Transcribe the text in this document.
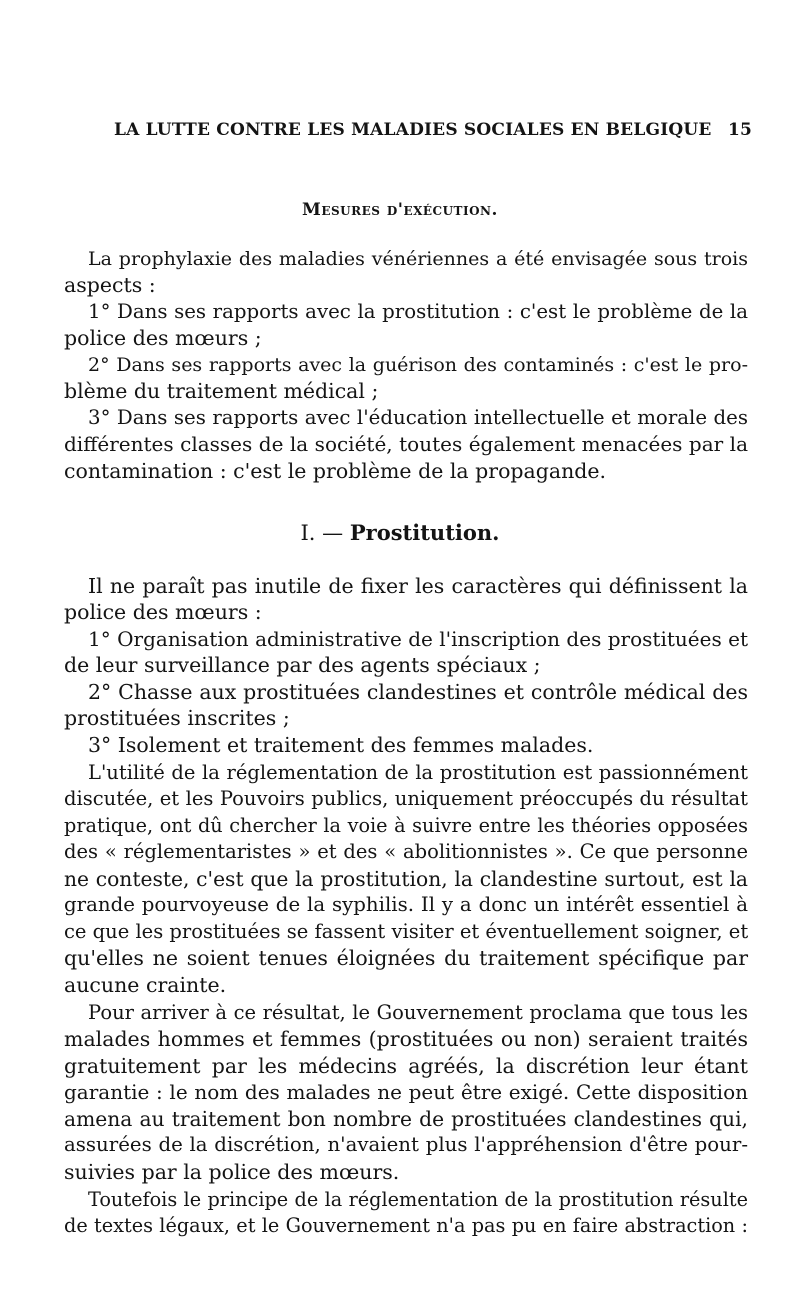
LA LUTTE CONTRE LES MALADIES SOCIALES EN BELGIQUE 15
Mesures d'exécution.
La prophylaxie des maladies vénériennes a été envisagée sous trois
aspects :
1° Dans ses rapports avec la prostitution : c'est le problème de la
police des mœurs ;
2° Dans ses rapports avec la guérison des contaminés : c'est le pro-
blème du traitement médical ;
3° Dans ses rapports avec l'éducation intellectuelle et morale des
différentes classes de la société, toutes également menacées par la
contamination : c'est le problème de la propagande.
I. — Prostitution.
Il ne paraît pas inutile de fixer les caractères qui définissent la
police des mœurs :
1° Organisation administrative de l'inscription des prostituées et
de leur surveillance par des agents spéciaux ;
2° Chasse aux prostituées clandestines et contrôle médical des
prostituées inscrites ;
3° Isolement et traitement des femmes malades.
L'utilité de la réglementation de la prostitution est passionnément
discutée, et les Pouvoirs publics, uniquement préoccupés du résultat
pratique, ont dû chercher la voie à suivre entre les théories opposées
des « réglementaristes » et des « abolitionnistes ». Ce que personne
ne conteste, c'est que la prostitution, la clandestine surtout, est la
grande pourvoyeuse de la syphilis. Il y a donc un intérêt essentiel à
ce que les prostituées se fassent visiter et éventuellement soigner, et
qu'elles ne soient tenues éloignées du traitement spécifique par
aucune crainte.
Pour arriver à ce résultat, le Gouvernement proclama que tous les
malades hommes et femmes (prostituées ou non) seraient traités
gratuitement par les médecins agréés, la discrétion leur étant
garantie : le nom des malades ne peut être exigé. Cette disposition
amena au traitement bon nombre de prostituées clandestines qui,
assurées de la discrétion, n'avaient plus l'appréhension d'être pour-
suivies par la police des mœurs.
Toutefois le principe de la réglementation de la prostitution résulte
de textes légaux, et le Gouvernement n'a pas pu en faire abstraction :
